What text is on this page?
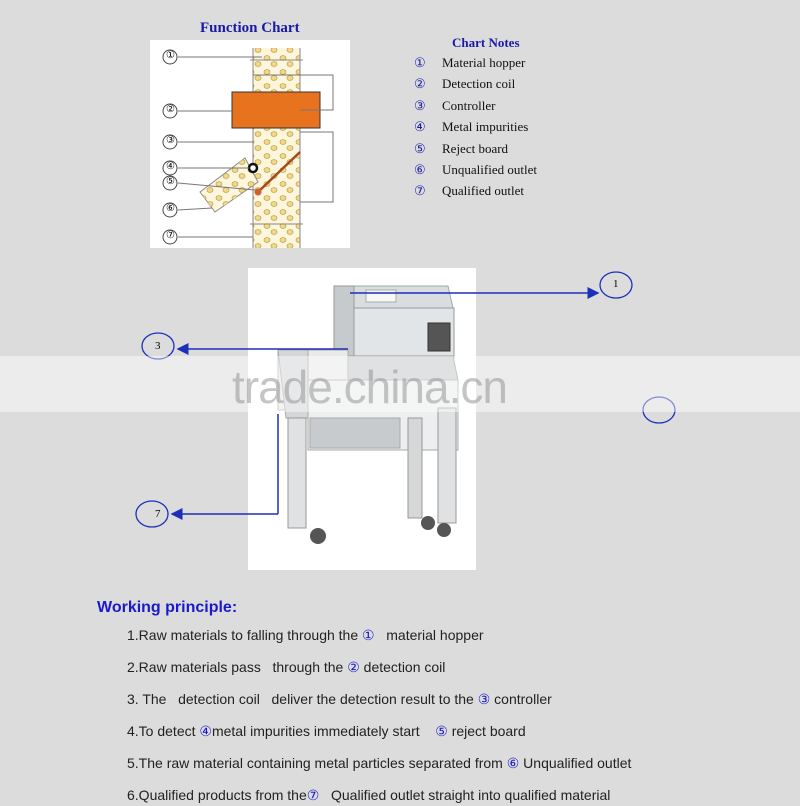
Function Chart
①
②
③
④
⑤
⑥
⑦
Chart Notes
① Material hopper
② Detection coil
③ Controller
④ Metal impurities
⑤ Reject board
⑥ Unqualified outlet
⑦ Qualified outlet
1
3
7
trade.china.cn
Working principle:
1.Raw materials to falling through the ①   material hopper
2.Raw materials pass   through the ② detection coil
3. The   detection coil   deliver the detection result to the ③ controller
4.To detect ④metal impurities immediately start    ⑤ reject board
5.The raw material containing metal particles separated from ⑥ Unqualified outlet
6.Qualified products from the⑦   Qualified outlet straight into qualified material
